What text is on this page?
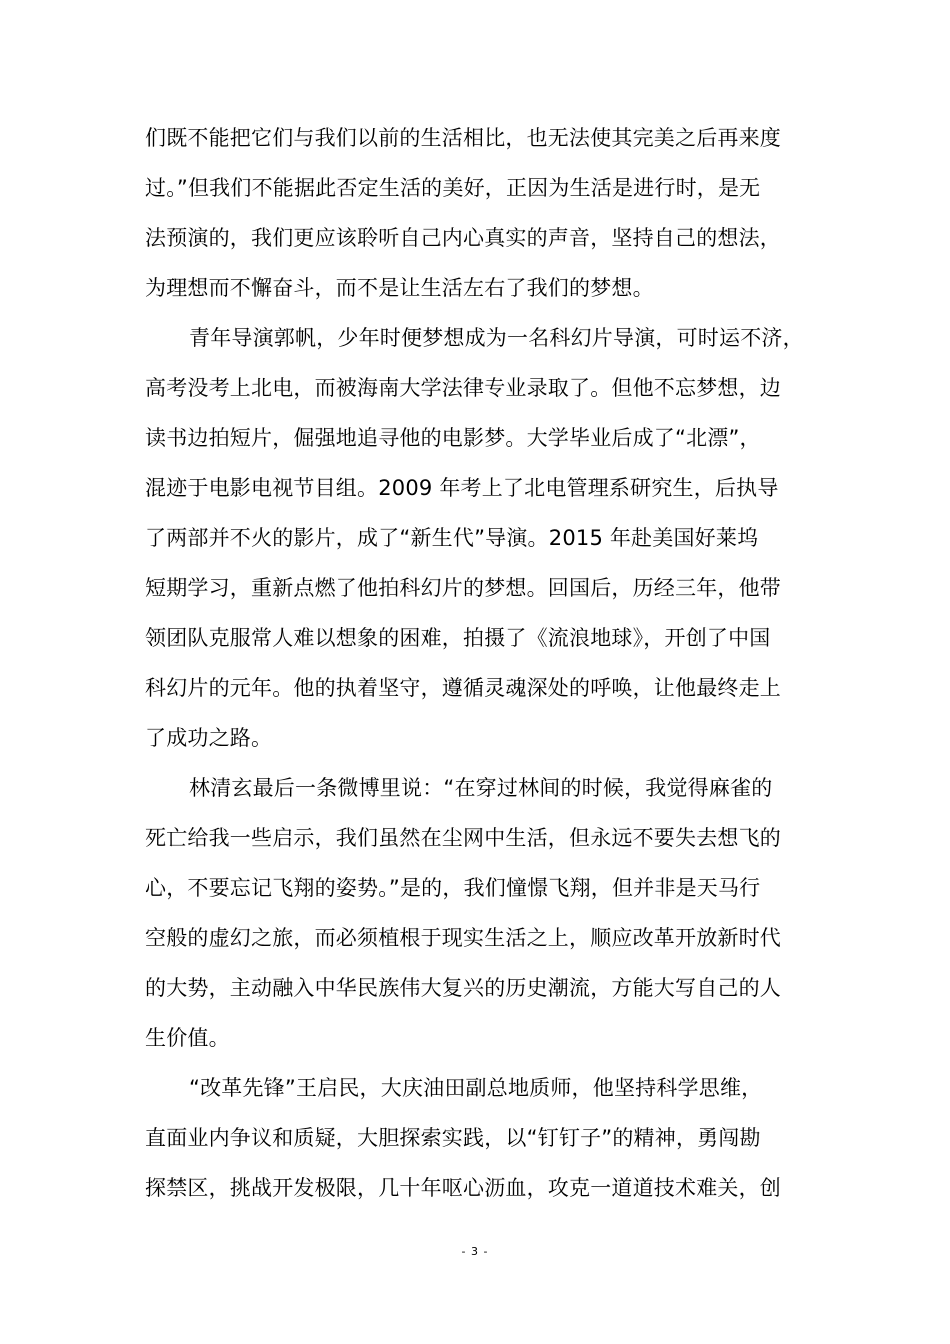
们既不能把它们与我们以前的生活相比，也无法使其完美之后再来度
过。”但我们不能据此否定生活的美好，正因为生活是进行时，是无
法预演的，我们更应该聆听自己内心真实的声音，坚持自己的想法，
为理想而不懈奋斗，而不是让生活左右了我们的梦想。
青年导演郭帆，少年时便梦想成为一名科幻片导演，可时运不济，
高考没考上北电，而被海南大学法律专业录取了。但他不忘梦想，边
读书边拍短片，倔强地追寻他的电影梦。大学毕业后成了“北漂”，
混迹于电影电视节目组。2009 年考上了北电管理系研究生，后执导
了两部并不火的影片，成了“新生代”导演。2015 年赴美国好莱坞
短期学习，重新点燃了他拍科幻片的梦想。回国后，历经三年，他带
领团队克服常人难以想象的困难，拍摄了《流浪地球》，开创了中国
科幻片的元年。他的执着坚守，遵循灵魂深处的呼唤，让他最终走上
了成功之路。
林清玄最后一条微博里说：“在穿过林间的时候，我觉得麻雀的
死亡给我一些启示，我们虽然在尘网中生活，但永远不要失去想飞的
心，不要忘记飞翔的姿势。”是的，我们憧憬飞翔，但并非是天马行
空般的虚幻之旅，而必须植根于现实生活之上，顺应改革开放新时代
的大势，主动融入中华民族伟大复兴的历史潮流，方能大写自己的人
生价值。
“改革先锋”王启民，大庆油田副总地质师，他坚持科学思维，
直面业内争议和质疑，大胆探索实践，以“钉钉子”的精神，勇闯勘
探禁区，挑战开发极限，几十年呕心沥血，攻克一道道技术难关，创
- 3 -
